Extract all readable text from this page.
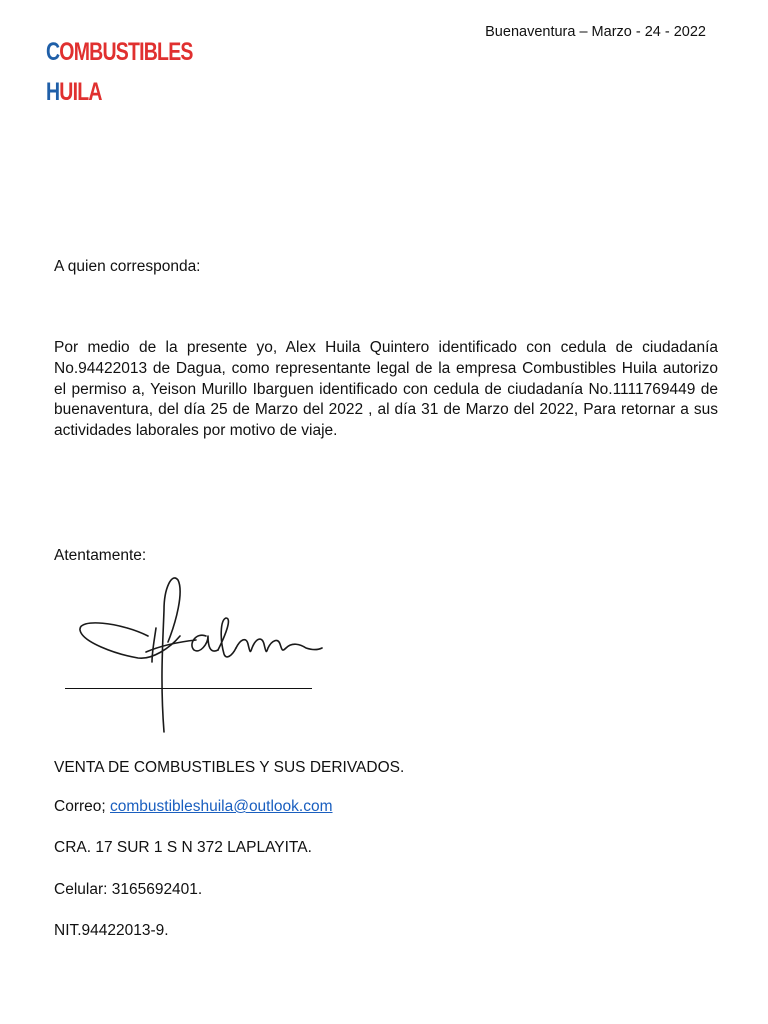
COMBUSTIBLES
HUILA
Buenaventura – Marzo - 24 - 2022
A quien corresponda:
Por medio de la presente yo, Alex Huila Quintero identificado con cedula de ciudadanía No.94422013 de Dagua, como representante legal de la empresa Combustibles Huila autorizo el permiso a, Yeison Murillo Ibarguen identificado con cedula de ciudadanía No.1111769449 de buenaventura, del día 25 de Marzo del 2022 , al día 31 de Marzo del 2022, Para retornar a sus actividades laborales por motivo de viaje.
Atentamente:
VENTA DE COMBUSTIBLES Y SUS DERIVADOS.
Correo; combustibleshuila@outlook.com
CRA. 17 SUR 1 S N 372 LAPLAYITA.
Celular: 3165692401.
NIT.94422013-9.
